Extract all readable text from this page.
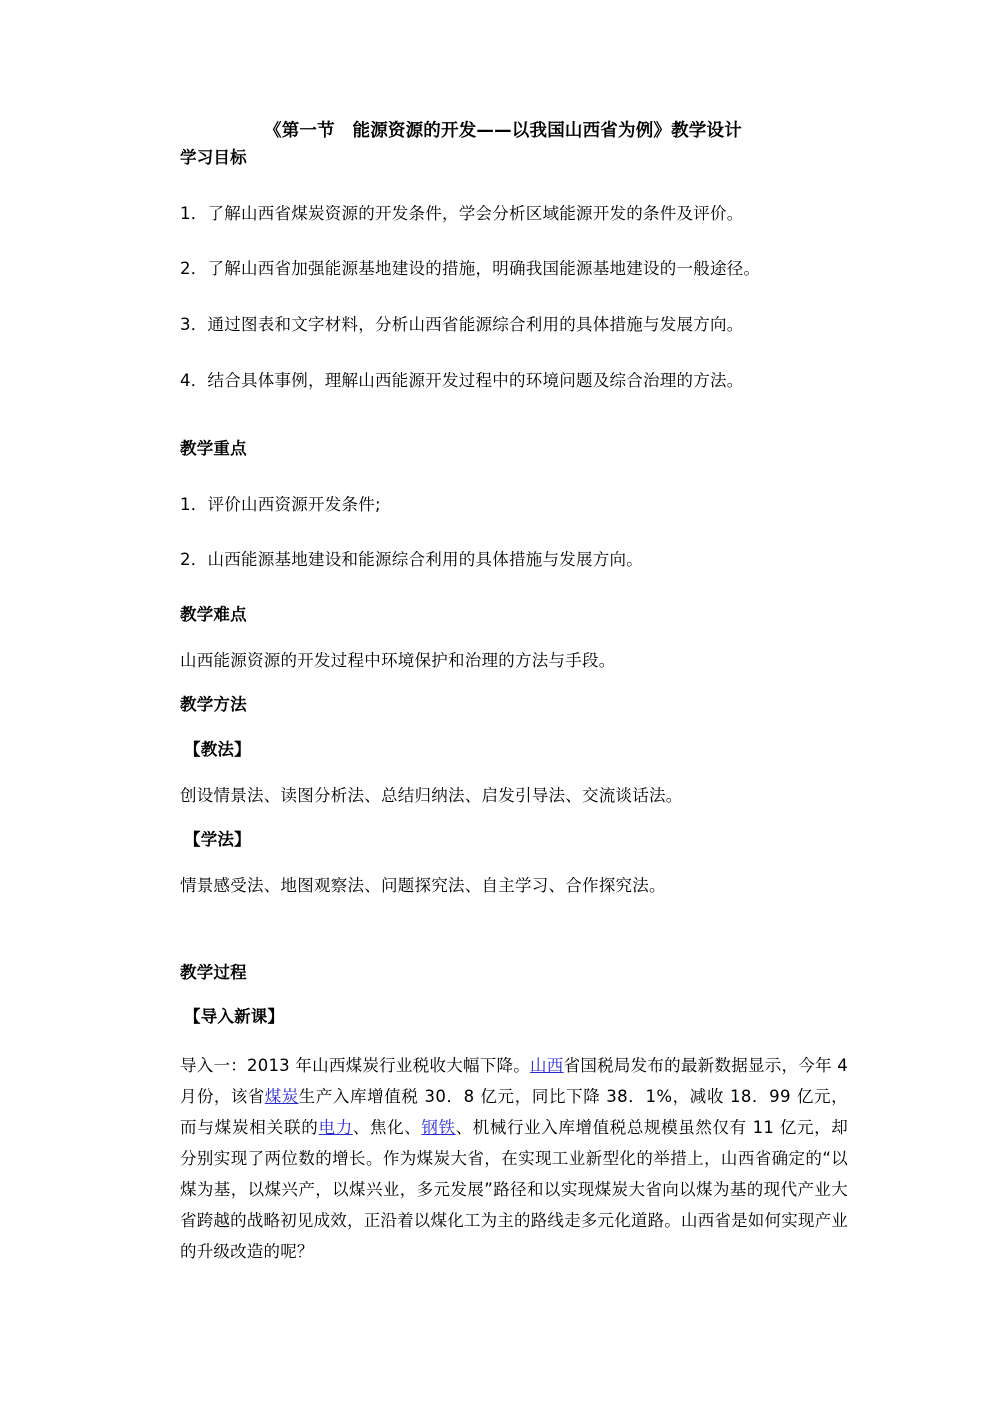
《第一节　能源资源的开发——以我国山西省为例》教学设计
学习目标
1．了解山西省煤炭资源的开发条件，学会分析区域能源开发的条件及评价。
2．了解山西省加强能源基地建设的措施，明确我国能源基地建设的一般途径。
3．通过图表和文字材料，分析山西省能源综合利用的具体措施与发展方向。
4．结合具体事例，理解山西能源开发过程中的环境问题及综合治理的方法。
教学重点
1．评价山西资源开发条件;
2．山西能源基地建设和能源综合利用的具体措施与发展方向。
教学难点
山西能源资源的开发过程中环境保护和治理的方法与手段。
教学方法
【教法】
创设情景法、读图分析法、总结归纳法、启发引导法、交流谈话法。
【学法】
情景感受法、地图观察法、问题探究法、自主学习、合作探究法。
教学过程
【导入新课】
导入一：2013 年山西煤炭行业税收大幅下降。山西省国税局发布的最新数据显示，今年 4 月份，该省煤炭生产入库增值税 30．8 亿元，同比下降 38．1%，减收 18．99 亿元，而与煤炭相关联的电力、焦化、钢铁、机械行业入库增值税总规模虽然仅有 11 亿元，却分别实现了两位数的增长。作为煤炭大省，在实现工业新型化的举措上，山西省确定的“以煤为基，以煤兴产，以煤兴业，多元发展”路径和以实现煤炭大省向以煤为基的现代产业大省跨越的战略初见成效，正沿着以煤化工为主的路线走多元化道路。山西省是如何实现产业的升级改造的呢？
